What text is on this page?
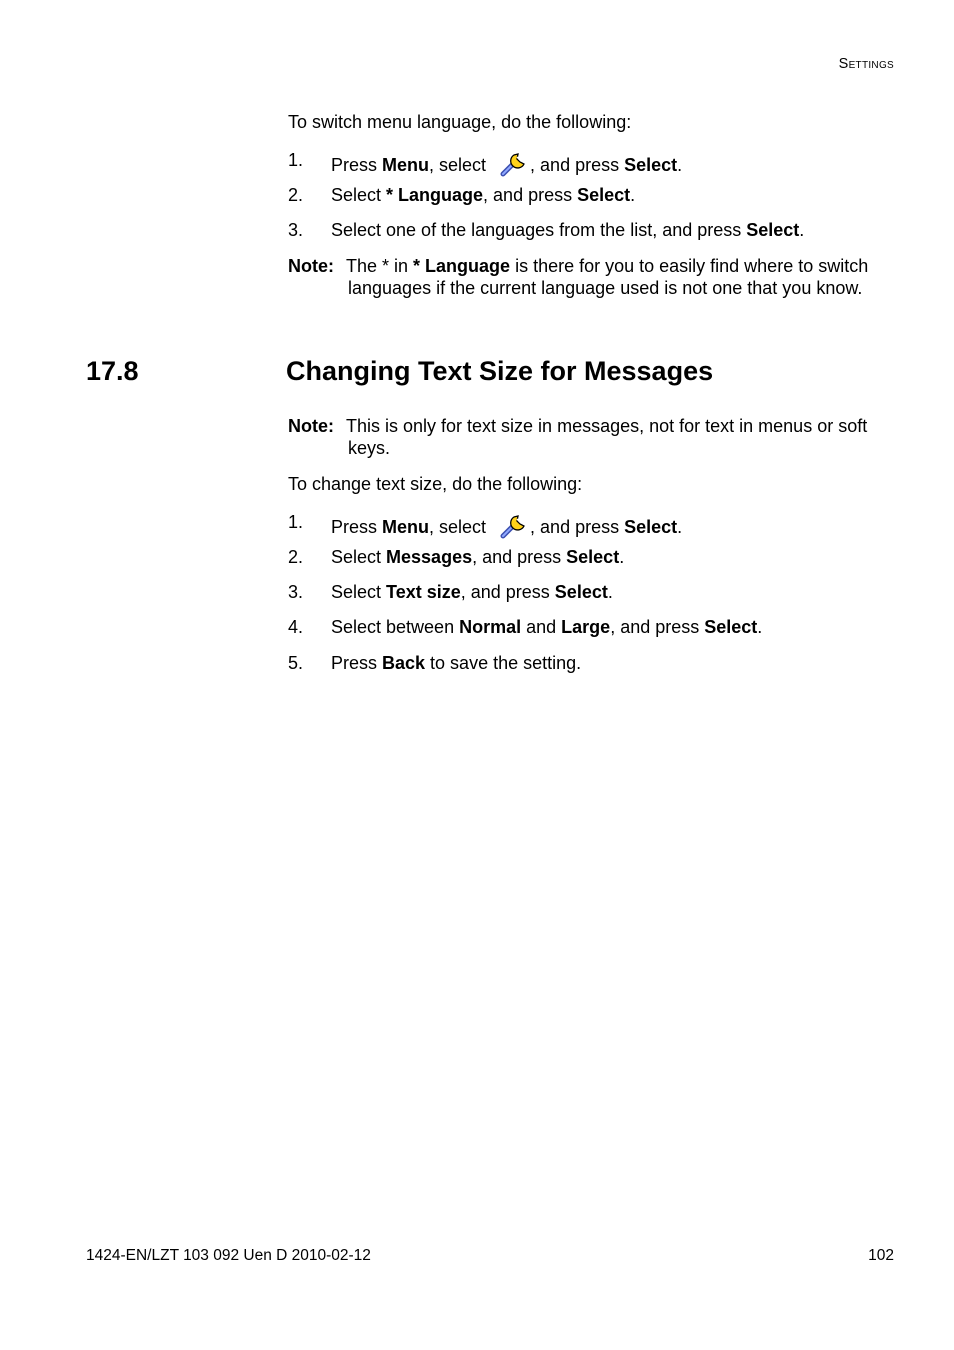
Settings
To switch menu language, do the following:
1. Press Menu, select , and press Select.
2. Select * Language, and press Select.
3. Select one of the languages from the list, and press Select.
Note: The * in * Language is there for you to easily find where to switch languages if the current language used is not one that you know.
17.8	Changing Text Size for Messages
Note: This is only for text size in messages, not for text in menus or soft keys.
To change text size, do the following:
1. Press Menu, select , and press Select.
2. Select Messages, and press Select.
3. Select Text size, and press Select.
4. Select between Normal and Large, and press Select.
5. Press Back to save the setting.
1424-EN/LZT 103 092 Uen D 2010-02-12	102
